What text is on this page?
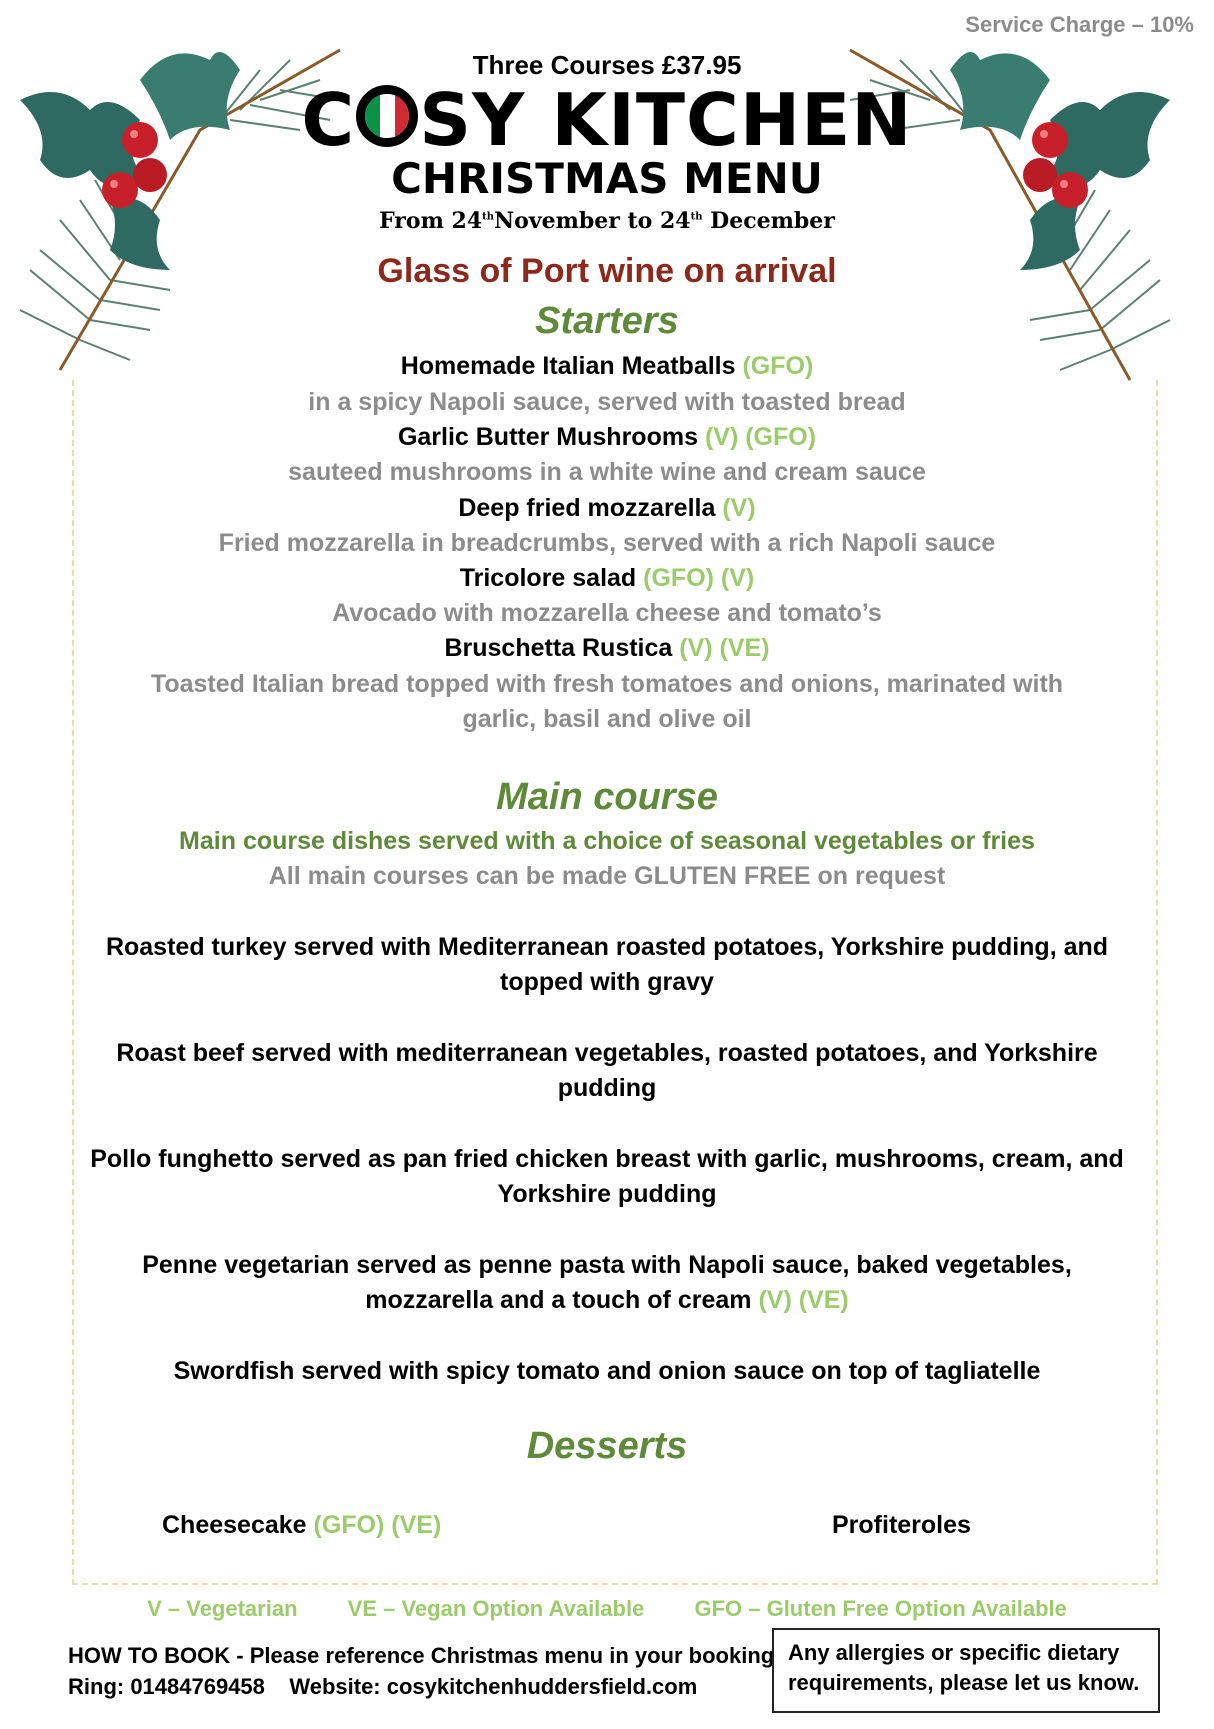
Service Charge – 10%
Three Courses £37.95
C SY KITCHEN
CHRISTMAS MENU
From 24thNovember to 24th December
Glass of Port wine on arrival
Starters
Homemade Italian Meatballs (GFO)
in a spicy Napoli sauce, served with toasted bread
Garlic Butter Mushrooms (V) (GFO)
sauteed mushrooms in a white wine and cream sauce
Deep fried mozzarella (V)
Fried mozzarella in breadcrumbs, served with a rich Napoli sauce
Tricolore salad (GFO) (V)
Avocado with mozzarella cheese and tomato’s
Bruschetta Rustica (V) (VE)
Toasted Italian bread topped with fresh tomatoes and onions, marinated with
garlic, basil and olive oil
Main course
Main course dishes served with a choice of seasonal vegetables or fries
All main courses can be made GLUTEN FREE on request
Roasted turkey served with Mediterranean roasted potatoes, Yorkshire pudding, and
topped with gravy
Roast beef served with mediterranean vegetables, roasted potatoes, and Yorkshire
pudding
Pollo funghetto served as pan fried chicken breast with garlic, mushrooms, cream, and
Yorkshire pudding
Penne vegetarian served as penne pasta with Napoli sauce, baked vegetables,
mozzarella and a touch of cream (V) (VE)
Swordfish served with spicy tomato and onion sauce on top of tagliatelle
Desserts
Cheesecake (GFO) (VE)	Profiteroles
V – Vegetarian VE – Vegan Option Available GFO – Gluten Free Option Available
HOW TO BOOK - Please reference Christmas menu in your booking
Ring: 01484769458    Website: cosykitchenhuddersfield.com
Any allergies or specific dietary
requirements, please let us know.
